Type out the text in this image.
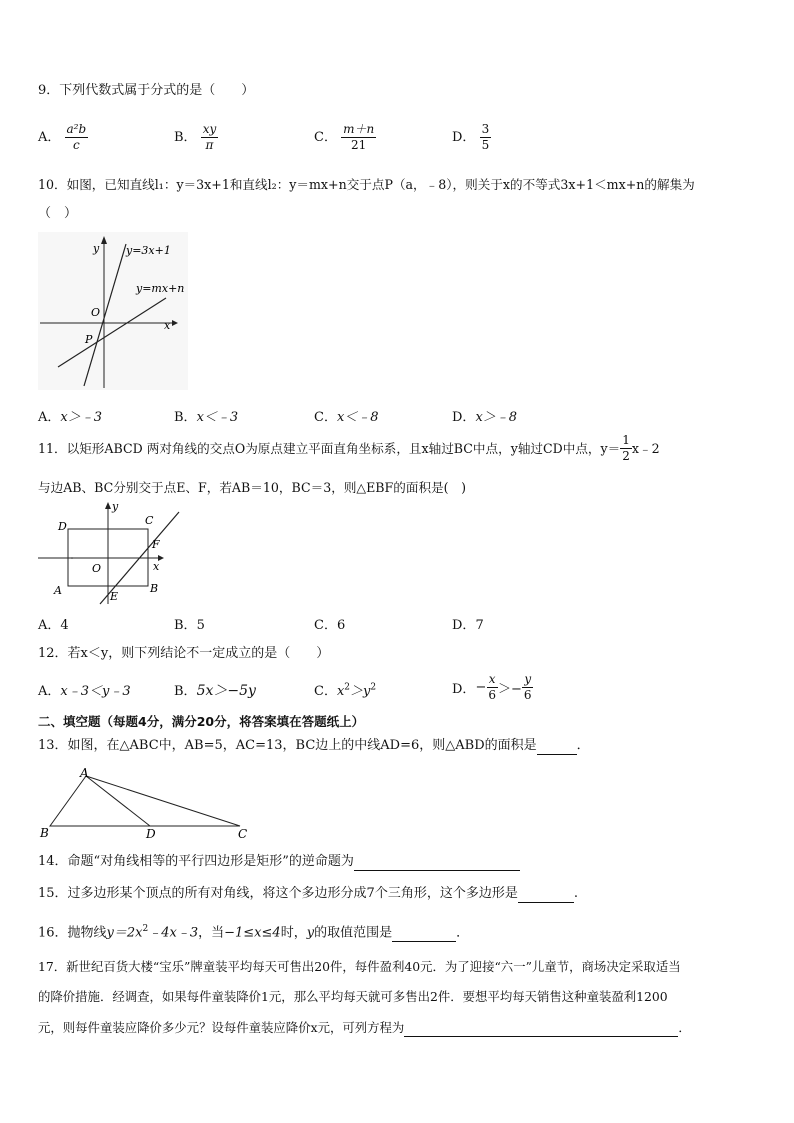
9．下列代数式属于分式的是（　　）
A． $\frac{\text{a²b}}{c}$	B． $\frac{xy}{\pi}$	C． $\frac{m+n}{21}$	D． $\frac{3}{5}$
10．如图，已知直线l₁：y＝3x+1和直线l₂：y＝mx+n交于点P（a，﹣8），则关于x的不等式3x+1＜mx+n的解集为
（　）
y
x
O
P
y=3x+1
y=mx+n
A．x＞﹣3	B．x＜﹣3	C．x＜﹣8	D．x＞﹣8
11．以矩形ABCD 两对角线的交点O为原点建立平面直角坐标系，且x轴过BC中点，y轴过CD中点，$y= \frac{1}{2}$ x﹣2
与边AB、BC分别交于点E、F，若AB＝10，BC＝3，则△EBF的面积是(　)
D	C
A	B
O
E
F
x
y
A．4	B．5	C．6	D．7
12．若x＜y，则下列结论不一定成立的是（　　）
A．x﹣3＜y﹣3	B．5x＞−5y	C．$x^2>y^2$	D． − $\frac{x}{6} >- \frac{y}{6}$
二、填空题（每题4分，满分20分，将答案填在答题纸上）
13．如图，在△ABC中，AB=5，AC=13，BC边上的中线AD=6，则△ABD的面积是	．
A
B	D	C
14．命题“对角线相等的平行四边形是矩形”的逆命题为
15．过多边形某个顶点的所有对角线，将这个多边形分成7个三角形，这个多边形是	.
16．抛物线$y=2x^2﹣4x﹣3$，当−1≤x≤4时，y的取值范围是	．
17．新世纪百货大楼“宝乐”牌童装平均每天可售出20件，每件盈利40元．为了迎接“六一”儿童节，商场决定采取适当
的降价措施．经调查，如果每件童装降价1元，那么平均每天就可多售出2件．要想平均每天销售这种童装盈利1200
元，则每件童装应降价多少元？设每件童装应降价x元，可列方程为	．
